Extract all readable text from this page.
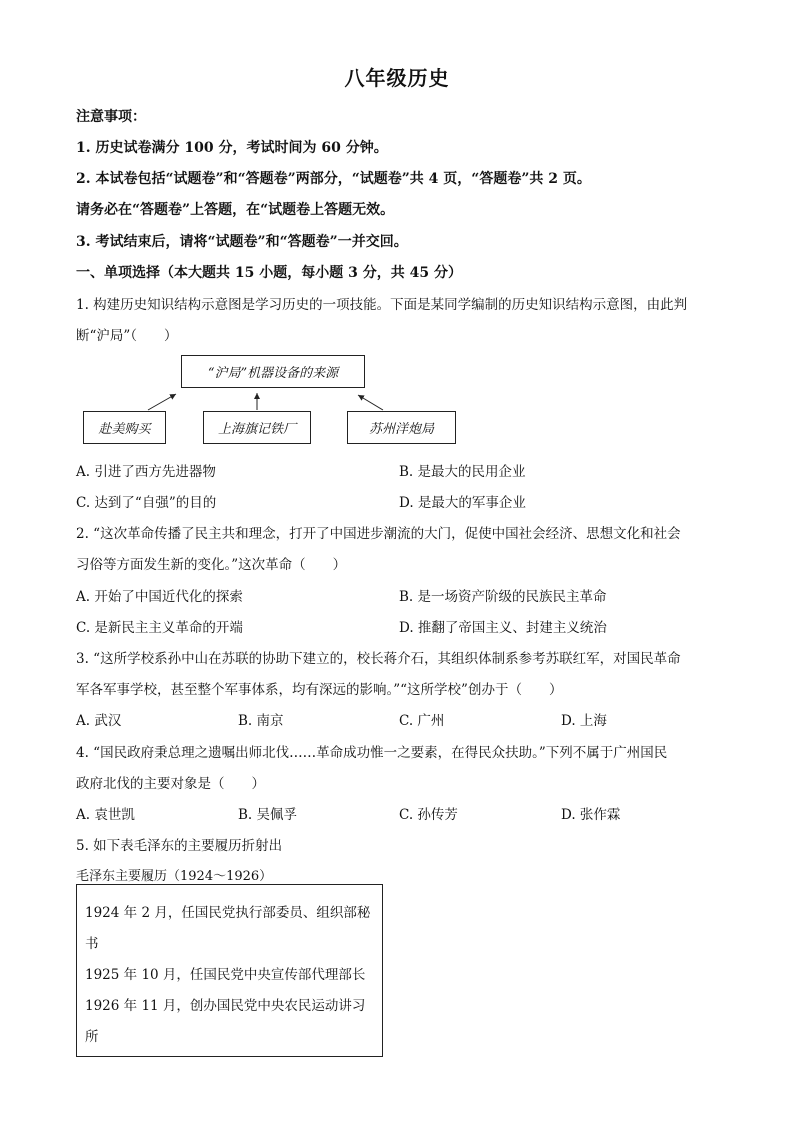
八年级历史
注意事项：
1. 历史试卷满分 100 分，考试时间为 60 分钟。
2. 本试卷包括“试题卷”和“答题卷”两部分，“试题卷”共 4 页，“答题卷”共 2 页。
请务必在“答题卷”上答题，在“试题卷上答题无效。
3. 考试结束后，请将“试题卷”和“答题卷”一并交回。
一、单项选择（本大题共 15 小题，每小题 3 分，共 45 分）
1. 构建历史知识结构示意图是学习历史的一项技能。下面是某同学编制的历史知识结构示意图，由此判
断“沪局”（　　）
“沪局”机器设备的来源
赴美购买	上海旗记铁厂	苏州洋炮局
A. 引进了西方先进器物	B. 是最大的民用企业
C. 达到了“自强”的目的	D. 是最大的军事企业
2. “这次革命传播了民主共和理念，打开了中国进步潮流的大门，促使中国社会经济、思想文化和社会
习俗等方面发生新的变化。”这次革命（　　）
A. 开始了中国近代化的探索	B. 是一场资产阶级的民族民主革命
C. 是新民主主义革命的开端	D. 推翻了帝国主义、封建主义统治
3. “这所学校系孙中山在苏联的协助下建立的，校长蒋介石，其组织体制系参考苏联红军，对国民革命
军各军事学校，甚至整个军事体系，均有深远的影响。”“这所学校”创办于（　　）
A. 武汉	B. 南京	C. 广州	D. 上海
4. “国民政府秉总理之遗嘱出师北伐……革命成功惟一之要素，在得民众扶助。”下列不属于广州国民
政府北伐的主要对象是（　　）
A. 袁世凯	B. 吴佩孚	C. 孙传芳	D. 张作霖
5. 如下表毛泽东的主要履历折射出
毛泽东主要履历（1924～1926）
1924 年 2 月，任国民党执行部委员、组织部秘
书
1925 年 10 月，任国民党中央宣传部代理部长
1926 年 11 月，创办国民党中央农民运动讲习
所
